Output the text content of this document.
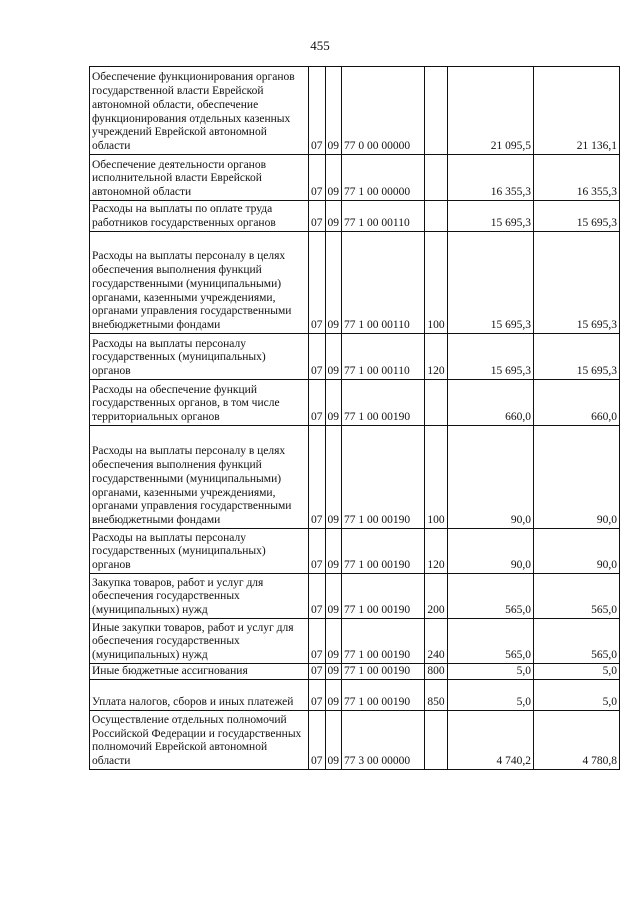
455
Обеспечение функционирования органов государственной власти Еврейской автономной области, обеспечение функционирования отдельных казенных учреждений Еврейской автономной области	07	09	77 0 00 00000		21 095,5	21 136,1
Обеспечение деятельности органов исполнительной власти Еврейской автономной области	07	09	77 1 00 00000		16 355,3	16 355,3
Расходы на выплаты по оплате труда работников государственных органов	07	09	77 1 00 00110		15 695,3	15 695,3
Расходы на выплаты персоналу в целях обеспечения выполнения функций государственными (муниципальными) органами, казенными учреждениями, органами управления государственными внебюджетными фондами	07	09	77 1 00 00110	100	15 695,3	15 695,3
Расходы на выплаты персоналу государственных (муниципальных) органов	07	09	77 1 00 00110	120	15 695,3	15 695,3
Расходы на обеспечение функций государственных органов, в том числе территориальных органов	07	09	77 1 00 00190		660,0	660,0
Расходы на выплаты персоналу в целях обеспечения выполнения функций государственными (муниципальными) органами, казенными учреждениями, органами управления государственными внебюджетными фондами	07	09	77 1 00 00190	100	90,0	90,0
Расходы на выплаты персоналу государственных (муниципальных) органов	07	09	77 1 00 00190	120	90,0	90,0
Закупка товаров, работ и услуг для обеспечения государственных (муниципальных) нужд	07	09	77 1 00 00190	200	565,0	565,0
Иные закупки товаров, работ и услуг для обеспечения государственных (муниципальных) нужд	07	09	77 1 00 00190	240	565,0	565,0
Иные бюджетные ассигнования	07	09	77 1 00 00190	800	5,0	5,0
Уплата налогов, сборов и иных платежей	07	09	77 1 00 00190	850	5,0	5,0
Осуществление отдельных полномочий Российской Федерации и государственных полномочий Еврейской автономной области	07	09	77 3 00 00000		4 740,2	4 780,8
